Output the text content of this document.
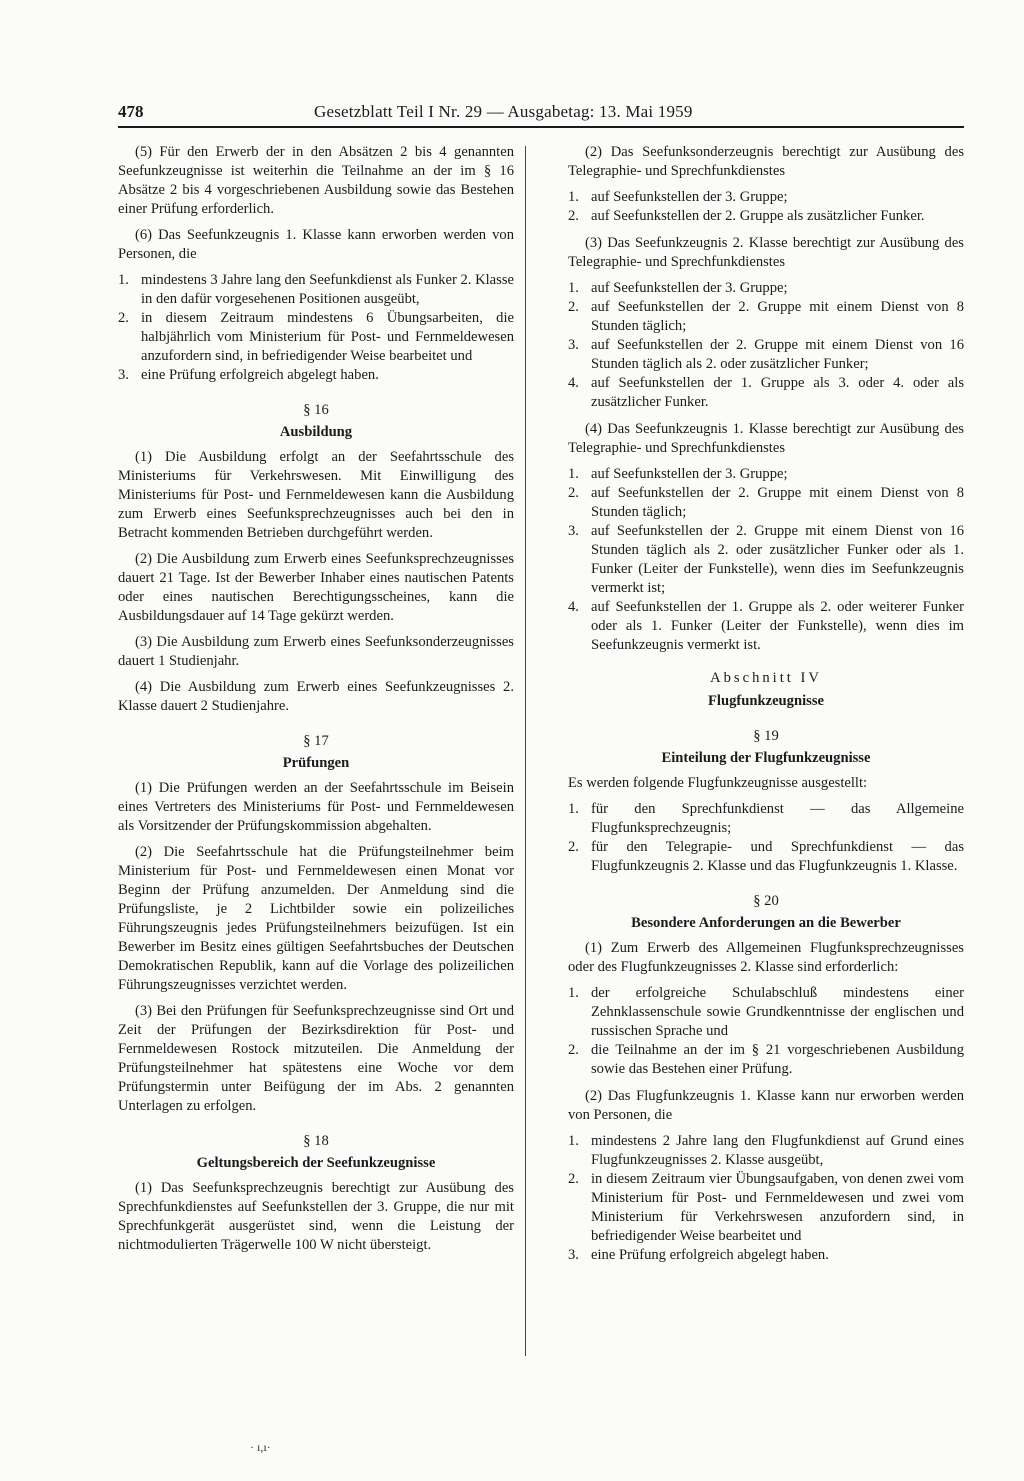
478	Gesetzblatt Teil I Nr. 29 — Ausgabetag: 13. Mai 1959

(5) Für den Erwerb der in den Absätzen 2 bis 4 genannten Seefunkzeugnisse ist weiterhin die Teilnahme an der im § 16 Absätze 2 bis 4 vorgeschriebenen Ausbildung sowie das Bestehen einer Prüfung erforderlich.

(6) Das Seefunkzeugnis 1. Klasse kann erworben werden von Personen, die

1. mindestens 3 Jahre lang den Seefunkdienst als Funker 2. Klasse in den dafür vorgesehenen Positionen ausgeübt,
2. in diesem Zeitraum mindestens 6 Übungsarbeiten, die halbjährlich vom Ministerium für Post- und Fernmeldewesen anzufordern sind, in befriedigender Weise bearbeitet und
3. eine Prüfung erfolgreich abgelegt haben.
§ 16
Ausbildung

(1) Die Ausbildung erfolgt an der Seefahrtsschule des Ministeriums für Verkehrswesen. Mit Einwilligung des Ministeriums für Post- und Fernmeldewesen kann die Ausbildung zum Erwerb eines Seefunksprechzeugnisses auch bei den in Betracht kommenden Betrieben durchgeführt werden.

(2) Die Ausbildung zum Erwerb eines Seefunksprechzeugnisses dauert 21 Tage. Ist der Bewerber Inhaber eines nautischen Patents oder eines nautischen Berechtigungsscheines, kann die Ausbildungsdauer auf 14 Tage gekürzt werden.

(3) Die Ausbildung zum Erwerb eines Seefunksonderzeugnisses dauert 1 Studienjahr.

(4) Die Ausbildung zum Erwerb eines Seefunkzeugnisses 2. Klasse dauert 2 Studienjahre.

§ 17
Prüfungen

(1) Die Prüfungen werden an der Seefahrtsschule im Beisein eines Vertreters des Ministeriums für Post- und Fernmeldewesen als Vorsitzender der Prüfungskommission abgehalten.

(2) Die Seefahrtsschule hat die Prüfungsteilnehmer beim Ministerium für Post- und Fernmeldewesen einen Monat vor Beginn der Prüfung anzumelden. Der Anmeldung sind die Prüfungsliste, je 2 Lichtbilder sowie ein polizeiliches Führungszeugnis jedes Prüfungsteilnehmers beizufügen. Ist ein Bewerber im Besitz eines gültigen Seefahrtsbuches der Deutschen Demokratischen Republik, kann auf die Vorlage des polizeilichen Führungszeugnisses verzichtet werden.

(3) Bei den Prüfungen für Seefunksprechzeugnisse sind Ort und Zeit der Prüfungen der Bezirksdirektion für Post- und Fernmeldewesen Rostock mitzuteilen. Die Anmeldung der Prüfungsteilnehmer hat spätestens eine Woche vor dem Prüfungstermin unter Beifügung der im Abs. 2 genannten Unterlagen zu erfolgen.

§ 18
Geltungsbereich der Seefunkzeugnisse

(1) Das Seefunksprechzeugnis berechtigt zur Ausübung des Sprechfunkdienstes auf Seefunkstellen der 3. Gruppe, die nur mit Sprechfunkgerät ausgerüstet sind, wenn die Leistung der nichtmodulierten Trägerwelle 100 W nicht übersteigt.

(2) Das Seefunksonderzeugnis berechtigt zur Ausübung des Telegraphie- und Sprechfunkdienstes

1. auf Seefunkstellen der 3. Gruppe;
2. auf Seefunkstellen der 2. Gruppe als zusätzlicher Funker.

(3) Das Seefunkzeugnis 2. Klasse berechtigt zur Ausübung des Telegraphie- und Sprechfunkdienstes

1. auf Seefunkstellen der 3. Gruppe;
2. auf Seefunkstellen der 2. Gruppe mit einem Dienst von 8 Stunden täglich;
3. auf Seefunkstellen der 2. Gruppe mit einem Dienst von 16 Stunden täglich als 2. oder zusätzlicher Funker;
4. auf Seefunkstellen der 1. Gruppe als 3. oder 4. oder als zusätzlicher Funker.

(4) Das Seefunkzeugnis 1. Klasse berechtigt zur Ausübung des Telegraphie- und Sprechfunkdienstes

1. auf Seefunkstellen der 3. Gruppe;
2. auf Seefunkstellen der 2. Gruppe mit einem Dienst von 8 Stunden täglich;
3. auf Seefunkstellen der 2. Gruppe mit einem Dienst von 16 Stunden täglich als 2. oder zusätzlicher Funker oder als 1. Funker (Leiter der Funkstelle), wenn dies im Seefunkzeugnis vermerkt ist;
4. auf Seefunkstellen der 1. Gruppe als 2. oder weiterer Funker oder als 1. Funker (Leiter der Funkstelle), wenn dies im Seefunkzeugnis vermerkt ist.
Abschnitt IV
Flugfunkzeugnisse
§ 19
Einteilung der Flugfunkzeugnisse

Es werden folgende Flugfunkzeugnisse ausgestellt:

1. für den Sprechfunkdienst — das Allgemeine Flugfunksprechzeugnis;
2. für den Telegrapie- und Sprechfunkdienst — das Flugfunkzeugnis 2. Klasse und das Flugfunkzeugnis 1. Klasse.
§ 20
Besondere Anforderungen an die Bewerber

(1) Zum Erwerb des Allgemeinen Flugfunksprechzeugnisses oder des Flugfunkzeugnisses 2. Klasse sind erforderlich:

1. der erfolgreiche Schulabschluß mindestens einer Zehnklassenschule sowie Grundkenntnisse der englischen und russischen Sprache und
2. die Teilnahme an der im § 21 vorgeschriebenen Ausbildung sowie das Bestehen einer Prüfung.

(2) Das Flugfunkzeugnis 1. Klasse kann nur erworben werden von Personen, die

1. mindestens 2 Jahre lang den Flugfunkdienst auf Grund eines Flugfunkzeugnisses 2. Klasse ausgeübt,
2. in diesem Zeitraum vier Übungsaufgaben, von denen zwei vom Ministerium für Post- und Fernmeldewesen und zwei vom Ministerium für Verkehrswesen anzufordern sind, in befriedigender Weise bearbeitet und
3. eine Prüfung erfolgreich abgelegt haben.
· ı,ı·
